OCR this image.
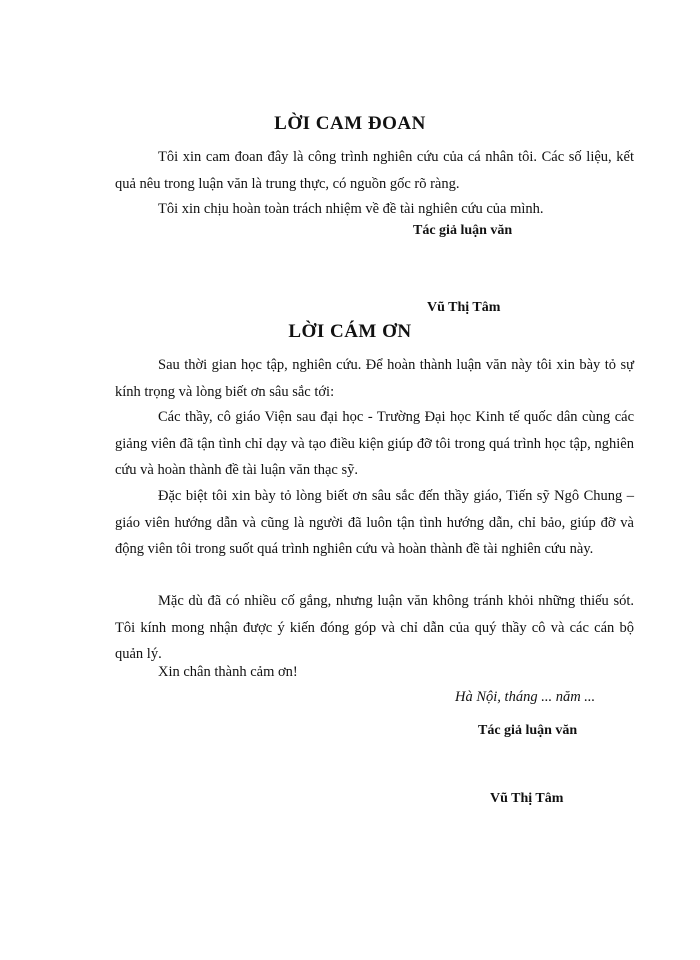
LỜI CAM ĐOAN

Tôi xin cam đoan đây là công trình nghiên cứu của cá nhân tôi. Các số liệu, kết quả nêu trong luận văn là trung thực, có nguồn gốc rõ ràng.

Tôi xin chịu hoàn toàn trách nhiệm về đề tài nghiên cứu của mình.

Tác giả luận văn

Vũ Thị Tâm

LỜI CÁM ƠN

Sau thời gian học tập, nghiên cứu. Để hoàn thành luận văn này tôi xin bày tỏ sự kính trọng và lòng biết ơn sâu sắc tới:

Các thầy, cô giáo Viện sau đại học - Trường Đại học Kinh tế quốc dân cùng các giảng viên đã tận tình chỉ dạy và tạo điều kiện giúp đỡ tôi trong quá trình học tập, nghiên cứu và hoàn thành đề tài luận văn thạc sỹ.

Đặc biệt tôi xin bày tỏ lòng biết ơn sâu sắc đến thầy giáo, Tiến sỹ Ngô Chung – giáo viên hướng dẫn và cũng là người đã luôn tận tình hướng dẫn, chỉ bảo, giúp đỡ và động viên tôi trong suốt quá trình nghiên cứu và hoàn thành đề tài nghiên cứu này.

Mặc dù đã có nhiều cố gắng, nhưng luận văn không tránh khỏi những thiếu sót. Tôi kính mong nhận được ý kiến đóng góp và chỉ dẫn của quý thầy cô và các cán bộ quản lý.

Xin chân thành cảm ơn!

Hà Nội, tháng ... năm ...

Tác giả luận văn

Vũ Thị Tâm
